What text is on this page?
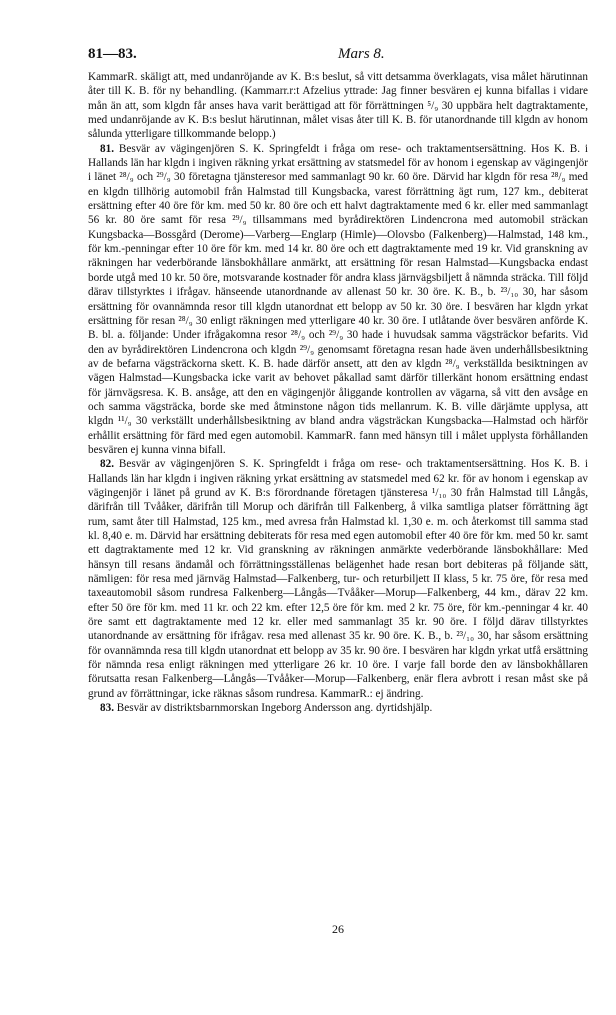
81—83.	Mars 8.

KammarR. skäligt att, med undanröjande av K. B:s beslut, så vitt detsamma överklagats, visa målet härutinnan åter till K. B. för ny behandling. (Kammarr.r:t Afzelius yttrade: Jag finner besvären ej kunna bifallas i vidare mån än att, som klgdn får anses hava varit berättigad att för förrättningen ⁵/₉ 30 uppbära helt dagtraktamente, med undanröjande av K. B:s beslut härutinnan, målet visas åter till K. B. för utanordnande till klgdn av honom sålunda ytterligare tillkommande belopp.)

81. Besvär av vägingenjören S. K. Springfeldt i fråga om rese- och traktamentsersättning. Hos K. B. i Hallands län har klgdn i ingiven räkning yrkat ersättning av statsmedel för av honom i egenskap av vägingenjör i länet ²⁸/₉ och ²⁹/₉ 30 företagna tjänsteresor med sammanlagt 90 kr. 60 öre. Därvid har klgdn för resa ²⁸/₉ med en klgdn tillhörig automobil från Halmstad till Kungsbacka, varest förrättning ägt rum, 127 km., debiterat ersättning efter 40 öre för km. med 50 kr. 80 öre och ett halvt dagtraktamente med 6 kr. eller med sammanlagt 56 kr. 80 öre samt för resa ²⁹/₉ tillsammans med byrådirektören Lindencrona med automobil sträckan Kungsbacka—Bossgård (Derome)—Varberg—Englarp (Himle)—Olovsbo (Falkenberg)—Halmstad, 148 km., för km.-penningar efter 10 öre för km. med 14 kr. 80 öre och ett dagtraktamente med 19 kr. Vid granskning av räkningen har vederbörande länsbokhållare anmärkt, att ersättning för resan Halmstad—Kungsbacka endast borde utgå med 10 kr. 50 öre, motsvarande kostnader för andra klass järnvägsbiljett å nämnda sträcka. Till följd därav tillstyrktes i ifrågav. hänseende utanordnande av allenast 50 kr. 30 öre. K. B., b. ²³/₁₀ 30, har såsom ersättning för ovannämnda resor till klgdn utanordnat ett belopp av 50 kr. 30 öre. I besvären har klgdn yrkat ersättning för resan ²⁸/₉ 30 enligt räkningen med ytterligare 40 kr. 30 öre. I utlåtande över besvären anförde K. B. bl. a. följande: Under ifrågakomna resor ²⁸/₉ och ²⁹/₉ 30 hade i huvudsak samma vägsträckor befarits. Vid den av byrådirektören Lindencrona och klgdn ²⁹/₉ genomsamt företagna resan hade även underhållsbesiktning av de befarna vägsträckorna skett. K. B. hade därför ansett, att den av klgdn ²⁸/₉ verkställda besiktningen av vägen Halmstad—Kungsbacka icke varit av behovet påkallad samt därför tillerkänt honom ersättning endast för järnvägsresa. K. B. ansåge, att den en vägingenjör åliggande kontrollen av vägarna, så vitt den avsåge en och samma vägsträcka, borde ske med åtminstone någon tids mellanrum. K. B. ville därjämte upplysa, att klgdn ¹¹/₉ 30 verkställt underhållsbesiktning av bland andra vägsträckan Kungsbacka—Halmstad och härför erhållit ersättning för färd med egen automobil. KammarR. fann med hänsyn till i målet upplysta förhållanden besvären ej kunna vinna bifall.

82. Besvär av vägingenjören S. K. Springfeldt i fråga om rese- och traktamentsersättning. Hos K. B. i Hallands län har klgdn i ingiven räkning yrkat ersättning av statsmedel med 62 kr. för av honom i egenskap av vägingenjör i länet på grund av K. B:s förordnande företagen tjänsteresa ¹/₁₀ 30 från Halmstad till Långås, därifrån till Tvååker, därifrån till Morup och därifrån till Falkenberg, å vilka samtliga platser förrättning ägt rum, samt åter till Halmstad, 125 km., med avresa från Halmstad kl. 1,30 e. m. och återkomst till samma stad kl. 8,40 e. m. Därvid har ersättning debiterats för resa med egen automobil efter 40 öre för km. med 50 kr. samt ett dagtraktamente med 12 kr. Vid granskning av räkningen anmärkte vederbörande länsbokhållare: Med hänsyn till resans ändamål och förrättningsställenas belägenhet hade resan bort debiteras på följande sätt, nämligen: för resa med järnväg Halmstad—Falkenberg, tur- och returbiljett II klass, 5 kr. 75 öre, för resa med taxeautomobil såsom rundresa Falkenberg—Långås—Tvååker—Morup—Falkenberg, 44 km., därav 22 km. efter 50 öre för km. med 11 kr. och 22 km. efter 12,5 öre för km. med 2 kr. 75 öre, för km.-penningar 4 kr. 40 öre samt ett dagtraktamente med 12 kr. eller med sammanlagt 35 kr. 90 öre. I följd därav tillstyrktes utanordnande av ersättning för ifrågav. resa med allenast 35 kr. 90 öre. K. B., b. ²³/₁₀ 30, har såsom ersättning för ovannämnda resa till klgdn utanordnat ett belopp av 35 kr. 90 öre. I besvären har klgdn yrkat utfå ersättning för nämnda resa enligt räkningen med ytterligare 26 kr. 10 öre. I varje fall borde den av länsbokhållaren förutsatta resan Falkenberg—Långås—Tvååker—Morup—Falkenberg, enär flera avbrott i resan måst ske på grund av förrättningar, icke räknas såsom rundresa. KammarR.: ej ändring.

83. Besvär av distriktsbarnmorskan Ingeborg Andersson ang. dyrtidshjälp.

26
